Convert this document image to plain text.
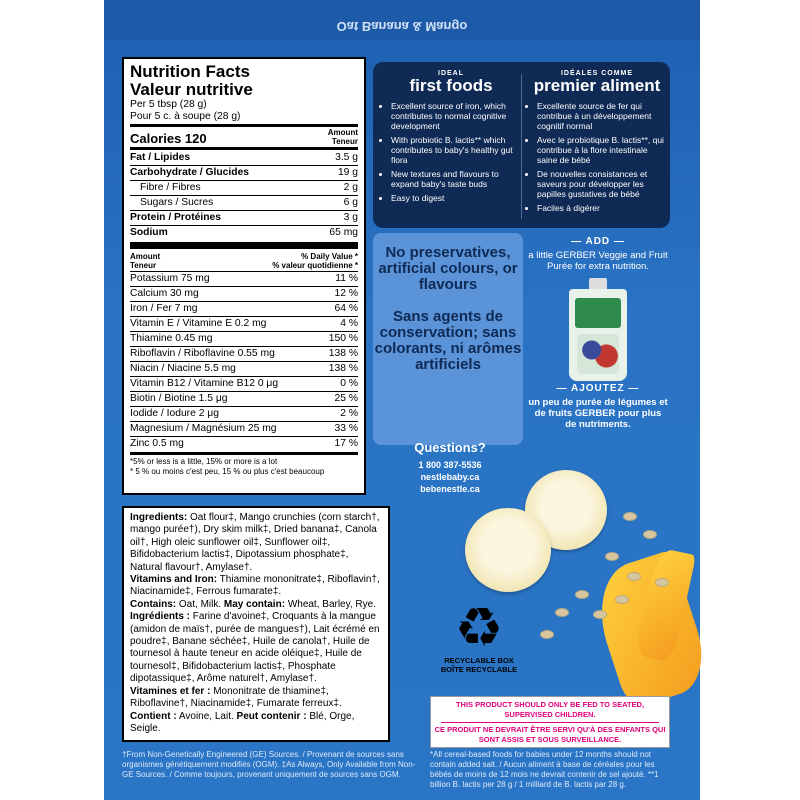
Oat Banana & Mango
Nutrition Facts
Valeur nutritive
Per 5 tbsp (28 g)
Pour 5 c. à soupe (28 g)
Calories 120	Amount
Teneur
Fat / Lipides	3.5 g
Carbohydrate / Glucides	19 g
Fibre / Fibres	2 g
Sugars / Sucres	6 g
Protein / Protéines	3 g
Sodium	65 mg
Amount
Teneur
% Daily Value *
% valeur quotidienne *
Potassium 75 mg	11 %
Calcium 30 mg	12 %
Iron / Fer 7 mg	64 %
Vitamin E / Vitamine E 0.2 mg	4 %
Thiamine 0.45 mg	150 %
Riboflavin / Riboflavine 0.55 mg	138 %
Niacin / Niacine 5.5 mg	138 %
Vitamin B12 / Vitamine B12 0 μg	0 %
Biotin / Biotine 1.5 μg	25 %
Iodide / Iodure 2 μg	2 %
Magnesium / Magnésium 25 mg	33 %
Zinc 0.5 mg	17 %
*5% or less is a little, 15% or more is a lot
* 5 % ou moins c'est peu, 15 % ou plus c'est beaucoup

Ingredients: Oat flour‡, Mango crunchies (corn starch†, mango purée†), Dry skim milk‡, Dried banana‡, Canola oil†, High oleic sunflower oil‡, Sunflower oil‡, Bifidobacterium lactis‡, Dipotassium phosphate‡, Natural flavour†, Amylase†.

Vitamins and Iron: Thiamine mononitrate‡, Riboflavin†, Niacinamide‡, Ferrous fumarate‡.

Contains: Oat, Milk. May contain: Wheat, Barley, Rye.

Ingrédients : Farine d'avoine‡, Croquants à la mangue (amidon de maïs†, purée de mangues†), Lait écrémé en poudre‡, Banane séchée‡, Huile de canola†, Huile de tournesol à haute teneur en acide oléique‡, Huile de tournesol‡, Bifidobacterium lactis‡, Phosphate dipotassique‡, Arôme naturel†, Amylase†.

Vitamines et fer : Mononitrate de thiamine‡, Riboflavine†, Niacinamide‡, Fumarate ferreux‡.

Contient : Avoine, Lait. Peut contenir : Blé, Orge, Seigle.

†From Non-Genetically Engineered (GE) Sources. / Provenant de sources sans organismes génétiquement modifiés (OGM). ‡As Always, Only Available from Non-GE Sources. / Comme toujours, provenant uniquement de sources sans OGM.
*All cereal-based foods for babies under 12 months should not contain added salt. / Aucun aliment à base de céréales pour les bébés de moins de 12 mois ne devrait contenir de sel ajouté. **1 billion B. lactis per 28 g / 1 milliard de B. lactis par 28 g.
IDEAL
first foods
• Excellent source of iron, which contributes to normal cognitive development
• With probiotic B. lactis** which contributes to baby's healthy gut flora
• New textures and flavours to expand baby's taste buds
• Easy to digest
IDÉALES COMME
premier aliment
• Excellente source de fer qui contribue à un développement cognitif normal
• Avec le probiotique B. lactis**, qui contribue à la flore intestinale saine de bébé
• De nouvelles consistances et saveurs pour développer les papilles gustatives de bébé
• Faciles à digérer
No preservatives, artificial colours, or flavours
Sans agents de conservation; sans colorants, ni arômes artificiels
Questions?
1 800 387-5536
nestlebaby.ca
bebenestle.ca
— ADD —
a little GERBER Veggie and Fruit Purée for extra nutrition.
— AJOUTEZ —
un peu de purée de légumes et de fruits GERBER pour plus de nutriments.
♻
RECYCLABLE BOX
BOÎTE RECYCLABLE
THIS PRODUCT SHOULD ONLY BE FED TO SEATED, SUPERVISED CHILDREN.
CE PRODUIT NE DEVRAIT ÊTRE SERVI QU'À DES ENFANTS QUI SONT ASSIS ET SOUS SURVEILLANCE.
